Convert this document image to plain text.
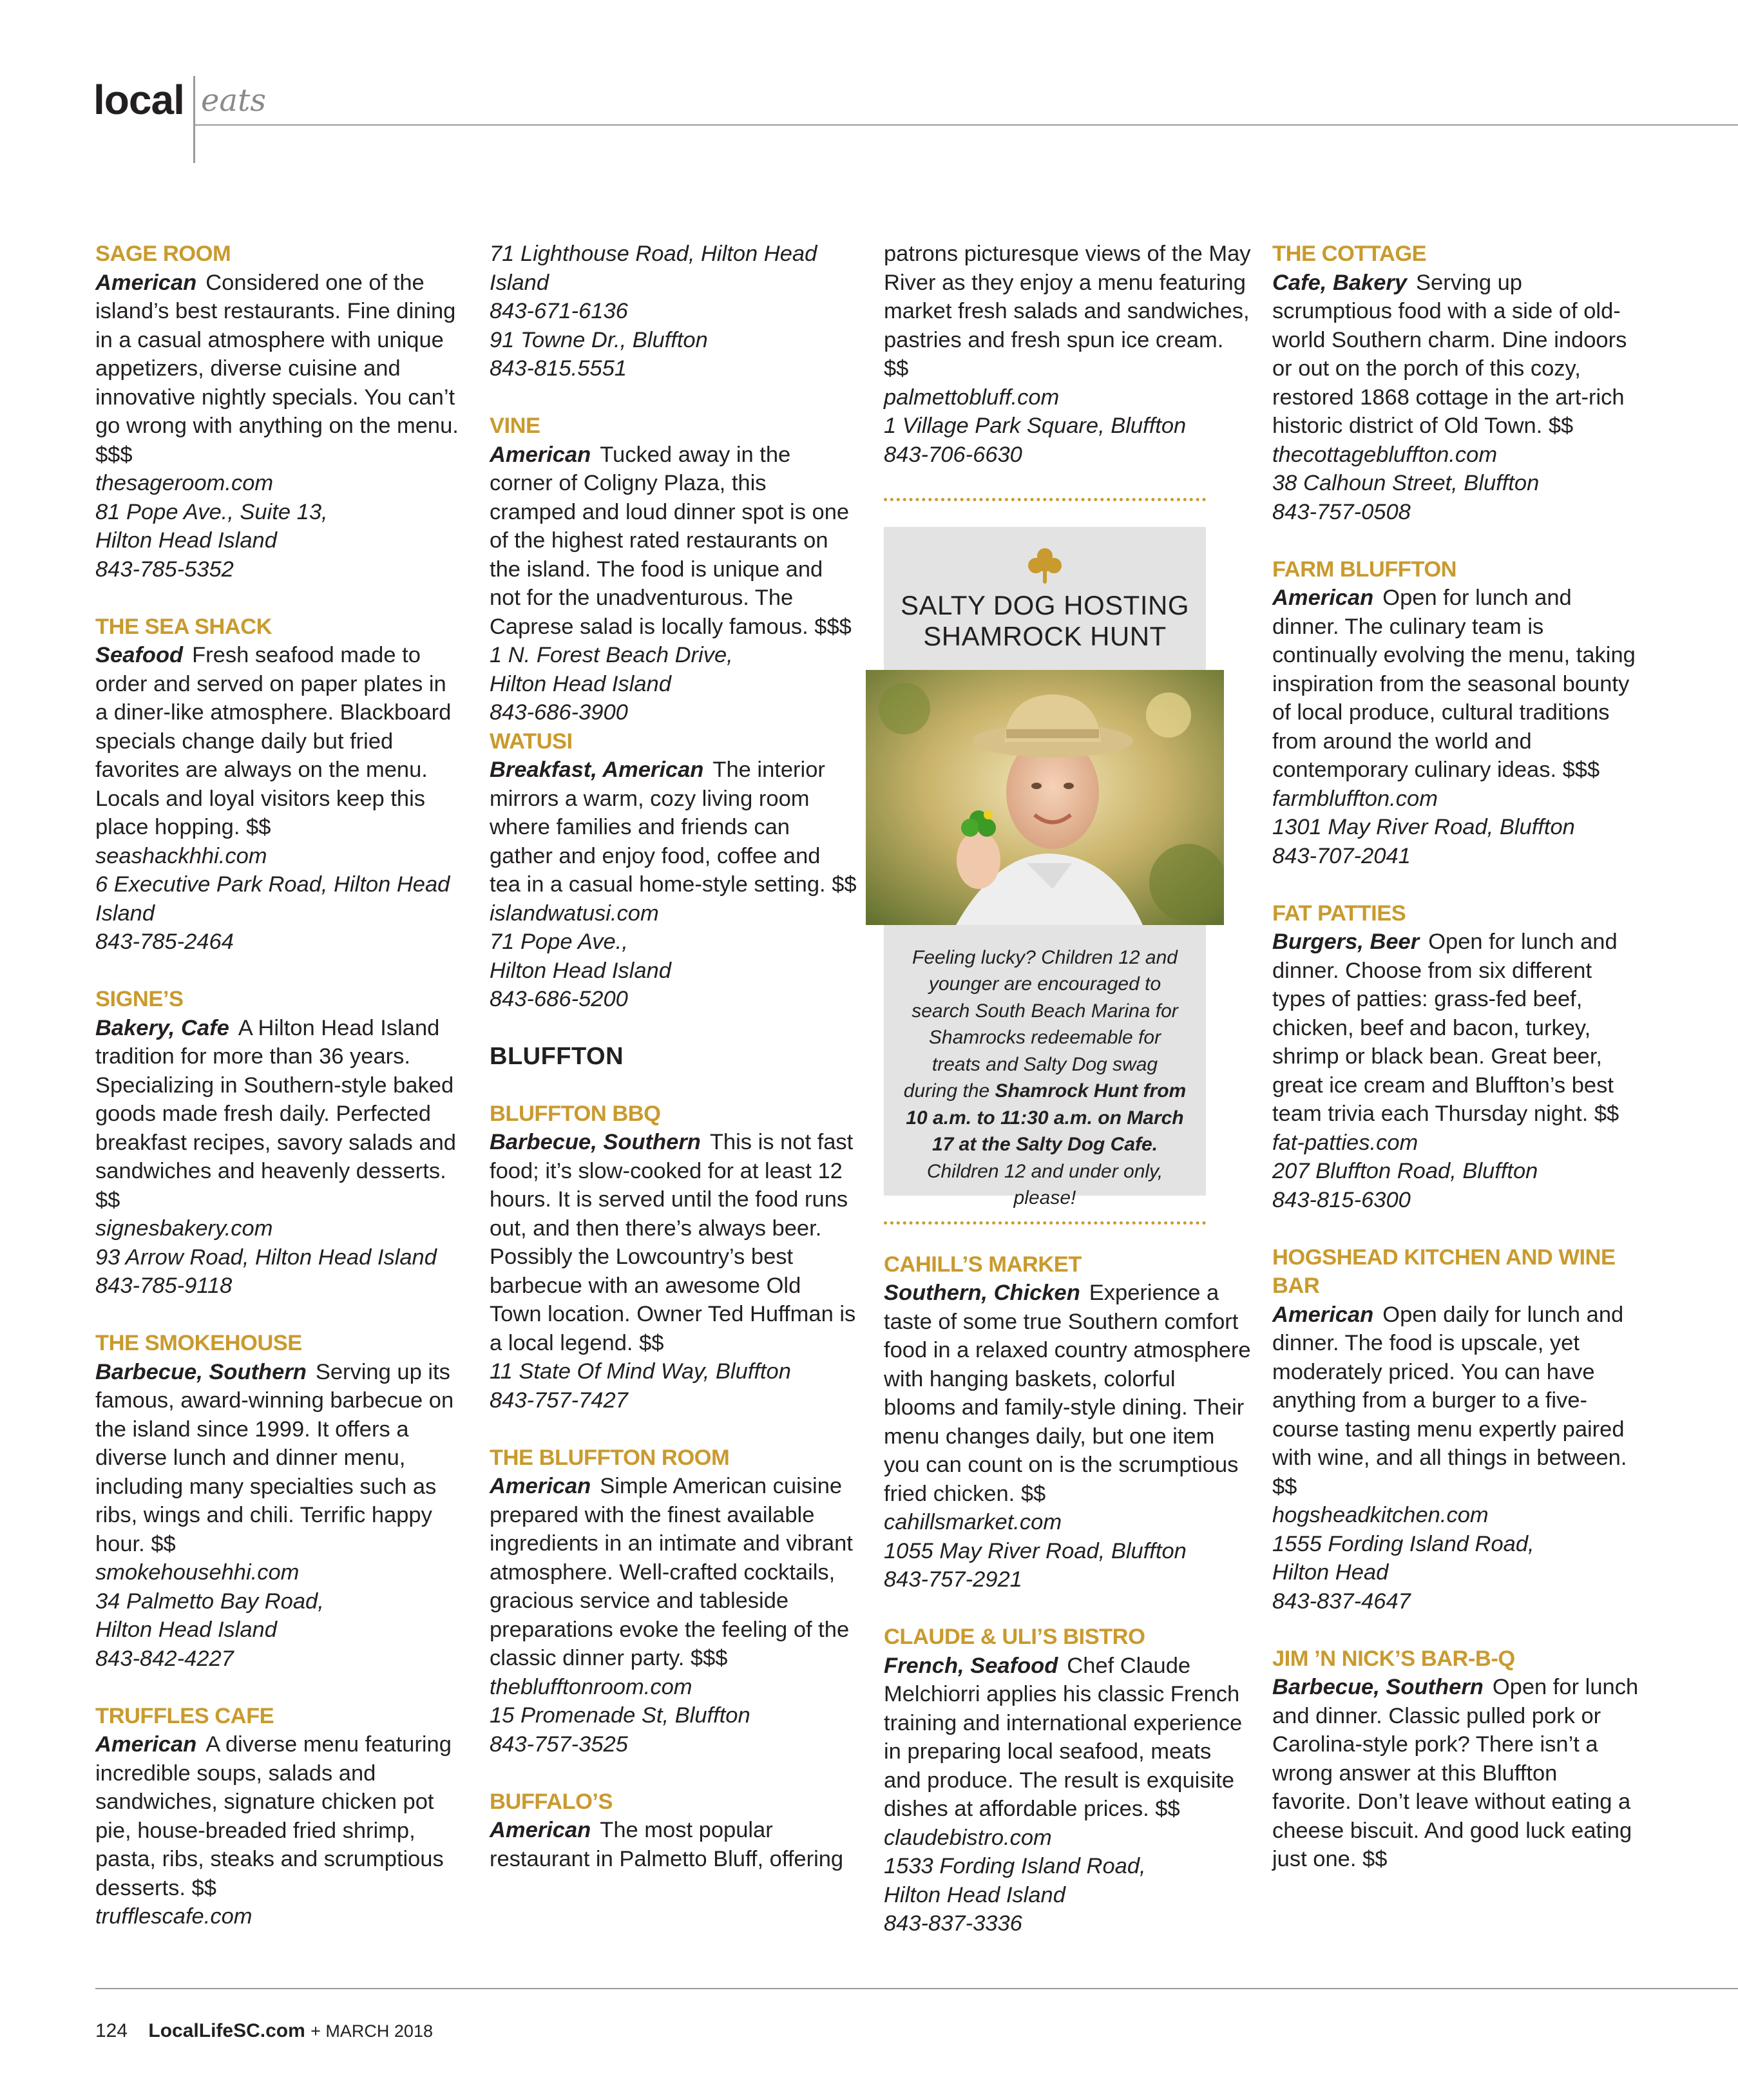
local eats
SAGE ROOM
American Considered one of the island’s best restaurants. Fine dining in a casual atmosphere with unique appetizers, diverse cuisine and innovative nightly specials. You can’t go wrong with anything on the menu. $$$
thesageroom.com
81 Pope Ave., Suite 13,
Hilton Head Island
843-785-5352
THE SEA SHACK
Seafood Fresh seafood made to order and served on paper plates in a diner-like atmosphere. Blackboard specials change daily but fried favorites are always on the menu. Locals and loyal visitors keep this place hopping. $$
seashackhhi.com
6 Executive Park Road, Hilton Head Island
843-785-2464
SIGNE’S
Bakery, Cafe A Hilton Head Island tradition for more than 36 years. Specializing in Southern-style baked goods made fresh daily. Perfected breakfast recipes, savory salads and sandwiches and heavenly desserts. $$
signesbakery.com
93 Arrow Road, Hilton Head Island
843-785-9118
THE SMOKEHOUSE
Barbecue, Southern Serving up its famous, award-winning barbecue on the island since 1999. It offers a diverse lunch and dinner menu, including many specialties such as ribs, wings and chili. Terrific happy hour. $$
smokehousehhi.com
34 Palmetto Bay Road,
Hilton Head Island
843-842-4227
TRUFFLES CAFE
American A diverse menu featuring incredible soups, salads and sandwiches, signature chicken pot pie, house-breaded fried shrimp, pasta, ribs, steaks and scrumptious desserts. $$
trufflescafe.com
71 Lighthouse Road, Hilton Head Island
843-671-6136
91 Towne Dr., Bluffton
843-815.5551
VINE
American Tucked away in the corner of Coligny Plaza, this cramped and loud dinner spot is one of the highest rated restaurants on the island. The food is unique and not for the unadventurous. The Caprese salad is locally famous. $$$
1 N. Forest Beach Drive,
Hilton Head Island
843-686-3900
WATUSI
Breakfast, American The interior mirrors a warm, cozy living room where families and friends can gather and enjoy food, coffee and tea in a casual home-style setting. $$
islandwatusi.com
71 Pope Ave.,
Hilton Head Island
843-686-5200
BLUFFTON
BLUFFTON BBQ
Barbecue, Southern This is not fast food; it’s slow-cooked for at least 12 hours. It is served until the food runs out, and then there’s always beer. Possibly the Lowcountry’s best barbecue with an awesome Old Town location. Owner Ted Huffman is a local legend. $$
11 State Of Mind Way, Bluffton
843-757-7427
THE BLUFFTON ROOM
American Simple American cuisine prepared with the finest available ingredients in an intimate and vibrant atmosphere. Well-crafted cocktails, gracious service and tableside preparations evoke the feeling of the classic dinner party. $$$
theblufftonroom.com
15 Promenade St, Bluffton
843-757-3525
BUFFALO’S
American The most popular restaurant in Palmetto Bluff, offering
patrons picturesque views of the May River as they enjoy a menu featuring market fresh salads and sandwiches, pastries and fresh spun ice cream. $$
palmettobluff.com
1 Village Park Square, Bluffton
843-706-6630
SALTY DOG HOSTING SHAMROCK HUNT
Feeling lucky? Children 12 and younger are encouraged to search South Beach Marina for Shamrocks redeemable for treats and Salty Dog swag during the Shamrock Hunt from 10 a.m. to 11:30 a.m. on March 17 at the Salty Dog Cafe. Children 12 and under only, please!
CAHILL’S MARKET
Southern, Chicken Experience a taste of some true Southern comfort food in a relaxed country atmosphere with hanging baskets, colorful blooms and family-style dining. Their menu changes daily, but one item you can count on is the scrumptious fried chicken. $$
cahillsmarket.com
1055 May River Road, Bluffton
843-757-2921
CLAUDE & ULI’S BISTRO
French, Seafood Chef Claude Melchiorri applies his classic French training and international experience in preparing local seafood, meats and produce. The result is exquisite dishes at affordable prices. $$
claudebistro.com
1533 Fording Island Road,
Hilton Head Island
843-837-3336
THE COTTAGE
Cafe, Bakery Serving up scrumptious food with a side of old-world Southern charm. Dine indoors or out on the porch of this cozy, restored 1868 cottage in the art-rich historic district of Old Town. $$
thecottagebluffton.com
38 Calhoun Street, Bluffton
843-757-0508
FARM BLUFFTON
American Open for lunch and dinner. The culinary team is continually evolving the menu, taking inspiration from the seasonal bounty of local produce, cultural traditions from around the world and contemporary culinary ideas. $$$
farmbluffton.com
1301 May River Road, Bluffton
843-707-2041
FAT PATTIES
Burgers, Beer Open for lunch and dinner. Choose from six different types of patties: grass-fed beef, chicken, beef and bacon, turkey, shrimp or black bean. Great beer, great ice cream and Bluffton’s best team trivia each Thursday night. $$
fat-patties.com
207 Bluffton Road, Bluffton
843-815-6300
HOGSHEAD KITCHEN AND WINE BAR
American Open daily for lunch and dinner. The food is upscale, yet moderately priced. You can have anything from a burger to a five-course tasting menu expertly paired with wine, and all things in between. $$
hogsheadkitchen.com
1555 Fording Island Road,
Hilton Head
843-837-4647
JIM ’N NICK’S BAR-B-Q
Barbecue, Southern Open for lunch and dinner. Classic pulled pork or Carolina-style pork? There isn’t a wrong answer at this Bluffton favorite. Don’t leave without eating a cheese biscuit. And good luck eating just one. $$
124 LocalLifeSC.com + MARCH 2018
